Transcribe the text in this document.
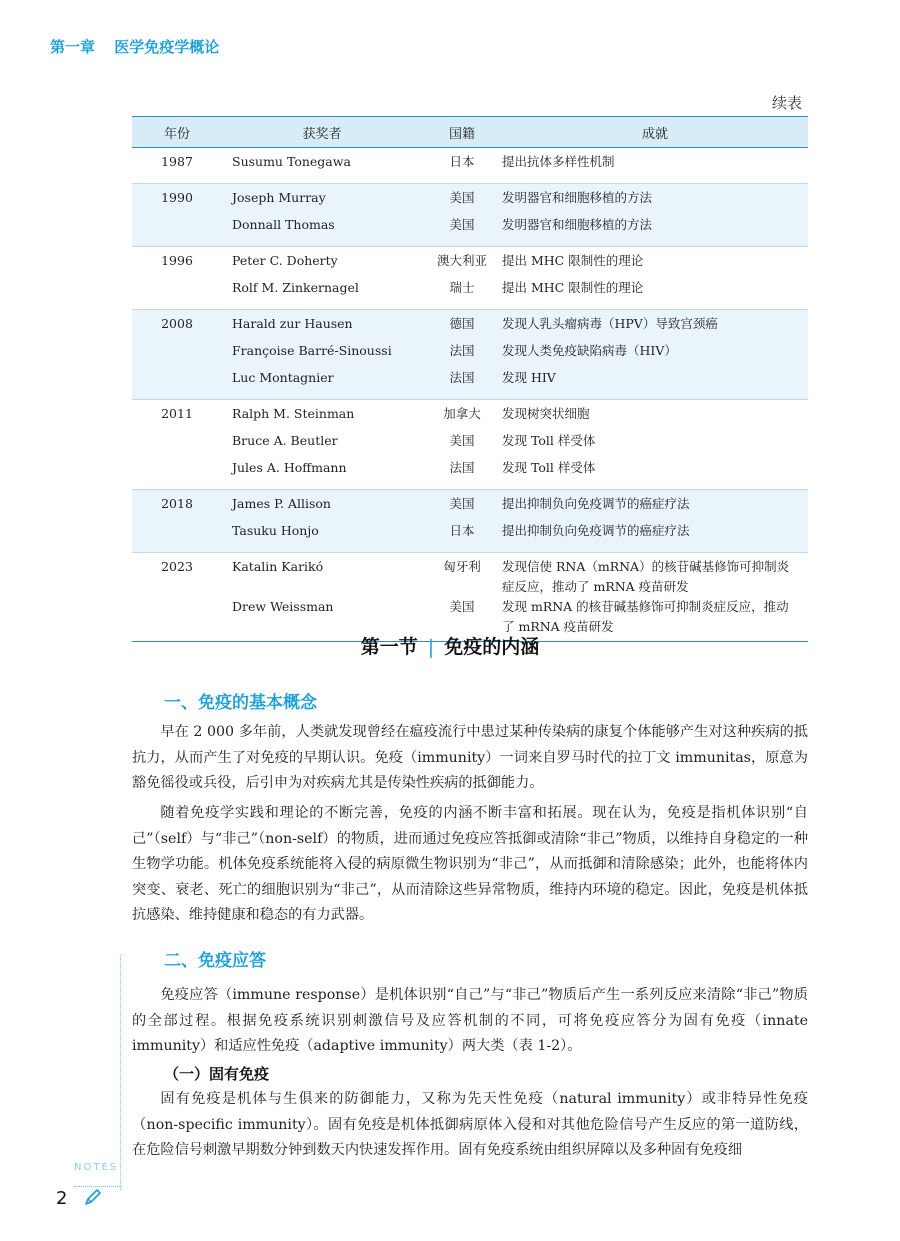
第一章 医学免疫学概论
续表
年份	获奖者	国籍	成就
1987	Susumu Tonegawa	日本	提出抗体多样性机制
1990	Joseph Murray	美国	发明器官和细胞移植的方法
	Donnall Thomas	美国	发明器官和细胞移植的方法
1996	Peter C. Doherty	澳大利亚	提出 MHC 限制性的理论
	Rolf M. Zinkernagel	瑞士	提出 MHC 限制性的理论
2008	Harald zur Hausen	德国	发现人乳头瘤病毒（HPV）导致宫颈癌
	Françoise Barré-Sinoussi	法国	发现人类免疫缺陷病毒（HIV）
	Luc Montagnier	法国	发现 HIV
2011	Ralph M. Steinman	加拿大	发现树突状细胞
	Bruce A. Beutler	美国	发现 Toll 样受体
	Jules A. Hoffmann	法国	发现 Toll 样受体
2018	James P. Allison	美国	提出抑制负向免疫调节的癌症疗法
	Tasuku Honjo	日本	提出抑制负向免疫调节的癌症疗法
2023	Katalin Karikó	匈牙利	发现信使 RNA（mRNA）的核苷碱基修饰可抑制炎症反应，推动了 mRNA 疫苗研发
	Drew Weissman	美国	发现 mRNA 的核苷碱基修饰可抑制炎症反应，推动了 mRNA 疫苗研发
第一节 | 免疫的内涵
一、免疫的基本概念
早在 2 000 多年前，人类就发现曾经在瘟疫流行中患过某种传染病的康复个体能够产生对这种疾病的抵抗力，从而产生了对免疫的早期认识。免疫（immunity）一词来自罗马时代的拉丁文 immunitas，原意为豁免徭役或兵役，后引申为对疾病尤其是传染性疾病的抵御能力。
随着免疫学实践和理论的不断完善，免疫的内涵不断丰富和拓展。现在认为，免疫是指机体识别“自己”（self）与“非己”（non-self）的物质，进而通过免疫应答抵御或清除“非己”物质，以维持自身稳定的一种生物学功能。机体免疫系统能将入侵的病原微生物识别为“非己”，从而抵御和清除感染；此外，也能将体内突变、衰老、死亡的细胞识别为“非己”，从而清除这些异常物质，维持内环境的稳定。因此，免疫是机体抵抗感染、维持健康和稳态的有力武器。
二、免疫应答
免疫应答（immune response）是机体识别“自己”与“非己”物质后产生一系列反应来清除“非己”物质的全部过程。根据免疫系统识别刺激信号及应答机制的不同，可将免疫应答分为固有免疫（innate immunity）和适应性免疫（adaptive immunity）两大类（表 1-2）。
（一）固有免疫
固有免疫是机体与生俱来的防御能力，又称为先天性免疫（natural immunity）或非特异性免疫（non-specific immunity）。固有免疫是机体抵御病原体入侵和对其他危险信号产生反应的第一道防线，在危险信号刺激早期数分钟到数天内快速发挥作用。固有免疫系统由组织屏障以及多种固有免疫细
NOTES
2
